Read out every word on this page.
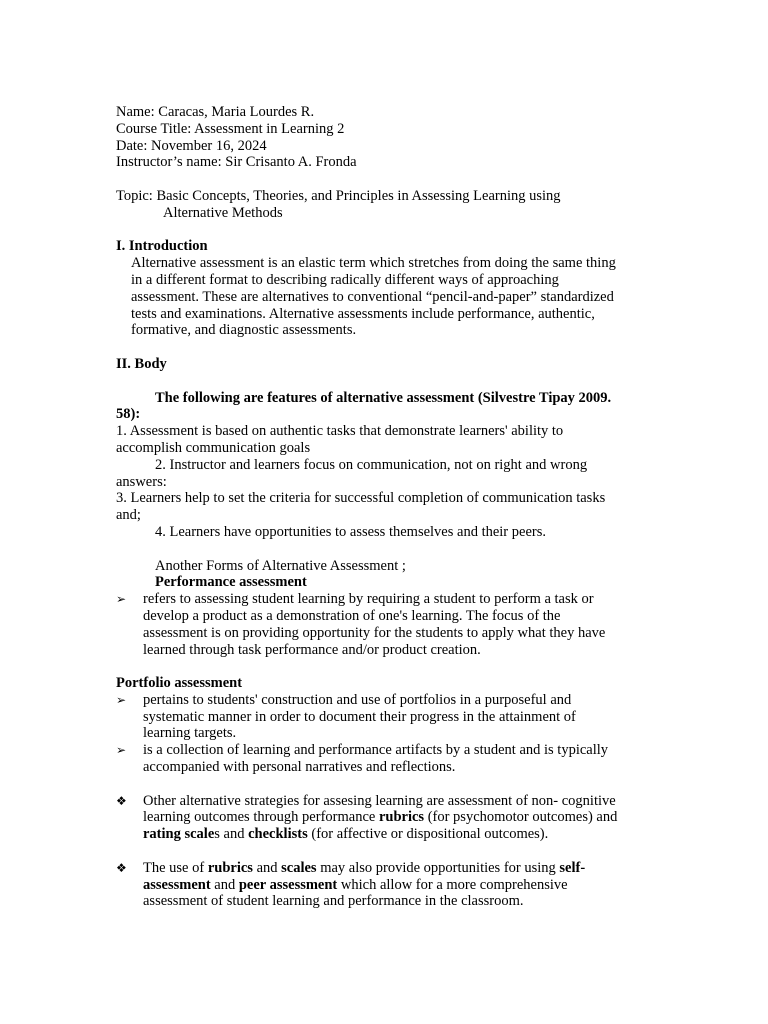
Name: Caracas, Maria Lourdes R.

Course Title: Assessment in Learning 2

Date: November 16, 2024

Instructor’s name: Sir Crisanto A. Fronda

Topic: Basic Concepts, Theories, and Principles in Assessing Learning using

Alternative Methods

I. Introduction

Alternative assessment is an elastic term which stretches from doing the same thing

in a different format to describing radically different ways of approaching

assessment. These are alternatives to conventional “pencil-and-paper” standardized

tests and examinations. Alternative assessments include performance, authentic,

formative, and diagnostic assessments.

II. Body

The following are features of alternative assessment (Silvestre Tipay 2009.

58):

1. Assessment is based on authentic tasks that demonstrate learners' ability to

accomplish communication goals

2. Instructor and learners focus on communication, not on right and wrong

answers:

3. Learners help to set the criteria for successful completion of communication tasks

and;

4. Learners have opportunities to assess themselves and their peers.

Another Forms of Alternative Assessment ;

Performance assessment

➢	refers to assessing student learning by requiring a student to perform a task or

develop a product as a demonstration of one's learning. The focus of the

assessment is on providing opportunity for the students to apply what they have

learned through task performance and/or product creation.

Portfolio assessment

➢	pertains to students' construction and use of portfolios in a purposeful and

systematic manner in order to document their progress in the attainment of

learning targets.

➢	is a collection of learning and performance artifacts by a student and is typically

accompanied with personal narratives and reflections.

❖	Other alternative strategies for assesing learning are assessment of non- cognitive

learning outcomes through performance rubrics (for psychomotor outcomes) and

rating scales and checklists (for affective or dispositional outcomes).

❖	The use of rubrics and scales may also provide opportunities for using self-

assessment and peer assessment which allow for a more comprehensive

assessment of student learning and performance in the classroom.
